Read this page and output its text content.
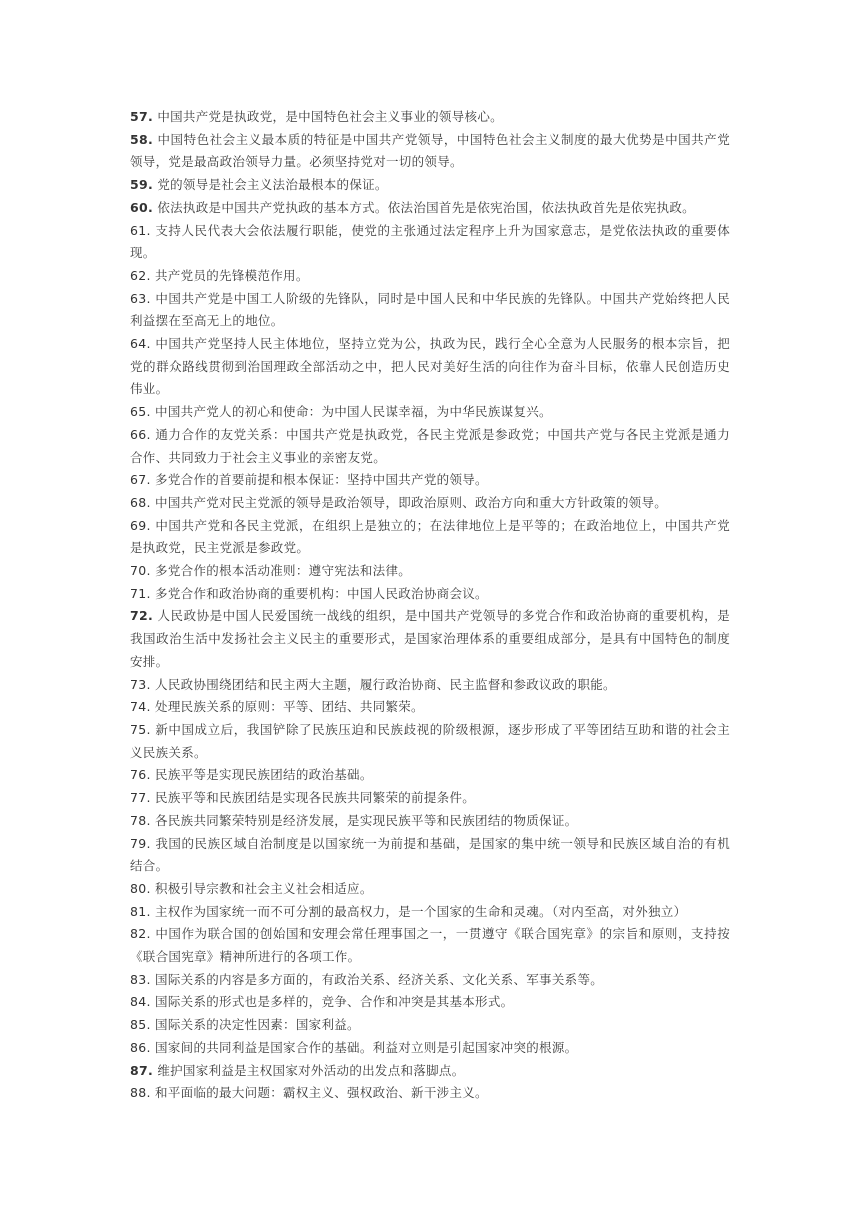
57. 中国共产党是执政党，是中国特色社会主义事业的领导核心。

58. 中国特色社会主义最本质的特征是中国共产党领导，中国特色社会主义制度的最大优势是中国共产党领导，党是最高政治领导力量。必须坚持党对一切的领导。

59. 党的领导是社会主义法治最根本的保证。

60. 依法执政是中国共产党执政的基本方式。依法治国首先是依宪治国，依法执政首先是依宪执政。

61. 支持人民代表大会依法履行职能，使党的主张通过法定程序上升为国家意志，是党依法执政的重要体现。

62. 共产党员的先锋模范作用。

63. 中国共产党是中国工人阶级的先锋队，同时是中国人民和中华民族的先锋队。中国共产党始终把人民利益摆在至高无上的地位。

64. 中国共产党坚持人民主体地位，坚持立党为公，执政为民，践行全心全意为人民服务的根本宗旨，把党的群众路线贯彻到治国理政全部活动之中，把人民对美好生活的向往作为奋斗目标，依靠人民创造历史伟业。

65. 中国共产党人的初心和使命：为中国人民谋幸福，为中华民族谋复兴。

66. 通力合作的友党关系：中国共产党是执政党，各民主党派是参政党；中国共产党与各民主党派是通力合作、共同致力于社会主义事业的亲密友党。

67. 多党合作的首要前提和根本保证：坚持中国共产党的领导。

68. 中国共产党对民主党派的领导是政治领导，即政治原则、政治方向和重大方针政策的领导。

69. 中国共产党和各民主党派，在组织上是独立的；在法律地位上是平等的；在政治地位上，中国共产党是执政党，民主党派是参政党。

70. 多党合作的根本活动准则：遵守宪法和法律。

71. 多党合作和政治协商的重要机构：中国人民政治协商会议。

72. 人民政协是中国人民爱国统一战线的组织，是中国共产党领导的多党合作和政治协商的重要机构，是我国政治生活中发扬社会主义民主的重要形式，是国家治理体系的重要组成部分，是具有中国特色的制度安排。

73. 人民政协围绕团结和民主两大主题，履行政治协商、民主监督和参政议政的职能。

74. 处理民族关系的原则：平等、团结、共同繁荣。

75. 新中国成立后，我国铲除了民族压迫和民族歧视的阶级根源，逐步形成了平等团结互助和谐的社会主义民族关系。

76. 民族平等是实现民族团结的政治基础。

77. 民族平等和民族团结是实现各民族共同繁荣的前提条件。

78. 各民族共同繁荣特别是经济发展，是实现民族平等和民族团结的物质保证。

79. 我国的民族区域自治制度是以国家统一为前提和基础，是国家的集中统一领导和民族区域自治的有机结合。

80. 积极引导宗教和社会主义社会相适应。

81. 主权作为国家统一而不可分割的最高权力，是一个国家的生命和灵魂。（对内至高，对外独立）

82. 中国作为联合国的创始国和安理会常任理事国之一，一贯遵守《联合国宪章》的宗旨和原则，支持按《联合国宪章》精神所进行的各项工作。

83. 国际关系的内容是多方面的，有政治关系、经济关系、文化关系、军事关系等。

84. 国际关系的形式也是多样的，竞争、合作和冲突是其基本形式。

85. 国际关系的决定性因素：国家利益。

86. 国家间的共同利益是国家合作的基础。利益对立则是引起国家冲突的根源。

87. 维护国家利益是主权国家对外活动的出发点和落脚点。

88. 和平面临的最大问题：霸权主义、强权政治、新干涉主义。
